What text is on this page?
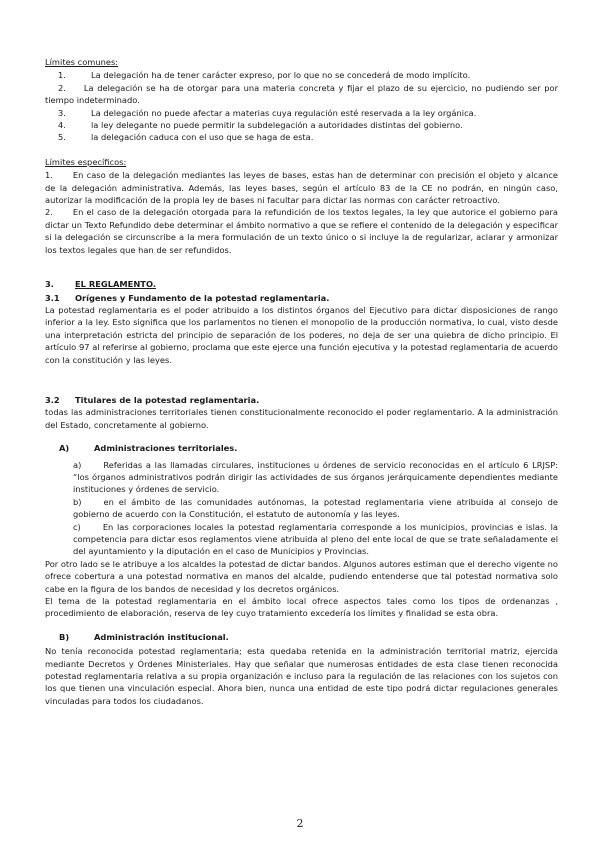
Límites comunes:

1.	La delegación ha de tener carácter expreso, por lo que no se concederá de modo implícito.
2. La delegación se ha de otorgar para una materia concreta y fijar el plazo de su ejercicio, no pudiendo ser por tiempo indeterminado.
3.	La delegación no puede afectar a materias cuya regulación esté reservada a la ley orgánica.
4.	la ley delegante no puede permitir la subdelegación a autoridades distintas del gobierno.
5.	la delegación caduca con el uso que se haga de esta.

Límites específicos:

1. En caso de la delegación mediantes las leyes de bases, estas han de determinar con precisión el objeto y alcance de la delegación administrativa. Además, las leyes bases, según el artículo 83 de la CE no podrán, en ningún caso, autorizar la modificación de la propia ley de bases ni facultar para dictar las normas con carácter retroactivo.

2. En el caso de la delegación otorgada para la refundición de los textos legales, la ley que autorice el gobierno para dictar un Texto Refundido debe determinar el ámbito normativo a que se refiere el contenido de la delegación y especificar si la delegación se circunscribe a la mera formulación de un texto único o si incluye la de regularizar, aclarar y armonizar los textos legales que han de ser refundidos.

3.	EL REGLAMENTO.
3.1	Orígenes y Fundamento de la potestad reglamentaria.

La potestad reglamentaria es el poder atribuido a los distintos órganos del Ejecutivo para dictar disposiciones de rango inferior a la ley. Esto significa que los parlamentos no tienen el monopolio de la producción normativa, lo cual, visto desde una interpretación estricta del principio de separación de los poderes, no deja de ser una quiebra de dicho principio. El artículo 97 al referirse al gobierno, proclama que este ejerce una función ejecutiva y la potestad reglamentaria de acuerdo con la constitución y las leyes.

3.2	Titulares de la potestad reglamentaria.

todas las administraciones territoriales tienen constitucionalmente reconocido el poder reglamentario. A la administración del Estado, concretamente al gobierno.

A)	Administraciones territoriales.
a)	Referidas a las llamadas circulares, instituciones u órdenes de servicio reconocidas en el artículo 6 LRJSP: “los órganos administrativos podrán dirigir las actividades de sus órganos jerárquicamente dependientes mediante instituciones y órdenes de servicio.
b)	en el ámbito de las comunidades autónomas, la potestad reglamentaria viene atribuida al consejo de gobierno de acuerdo con la Constitución, el estatuto de autonomía y las leyes.
c)	En las corporaciones locales la potestad reglamentaria corresponde a los municipios, provincias e islas. la competencia para dictar esos reglamentos viene atribuida al pleno del ente local de que se trate señaladamente el del ayuntamiento y la diputación en el caso de Municipios y Provincias.

Por otro lado se le atribuye a los alcaldes la potestad de dictar bandos. Algunos autores estiman que el derecho vigente no ofrece cobertura a una potestad normativa en manos del alcalde, pudiendo entenderse que tal potestad normativa solo cabe en la figura de los bandos de necesidad y los decretos orgánicos.

El tema de la potestad reglamentaria en el ámbito local ofrece aspectos tales como los tipos de ordenanzas , procedimiento de elaboración, reserva de ley cuyo tratamiento excedería los límites y finalidad se esta obra.

B)	Administración institucional.

No tenía reconocida potestad reglamentaria; esta quedaba retenida en la administración territorial matriz, ejercida mediante Decretos y Órdenes Ministeriales. Hay que señalar que numerosas entidades de esta clase tienen reconocida potestad reglamentaria relativa a su propia organización e incluso para la regulación de las relaciones con los sujetos con los que tienen una vinculación especial. Ahora bien, nunca una entidad de este tipo podrá dictar regulaciones generales vinculadas para todos los ciudadanos.

2
